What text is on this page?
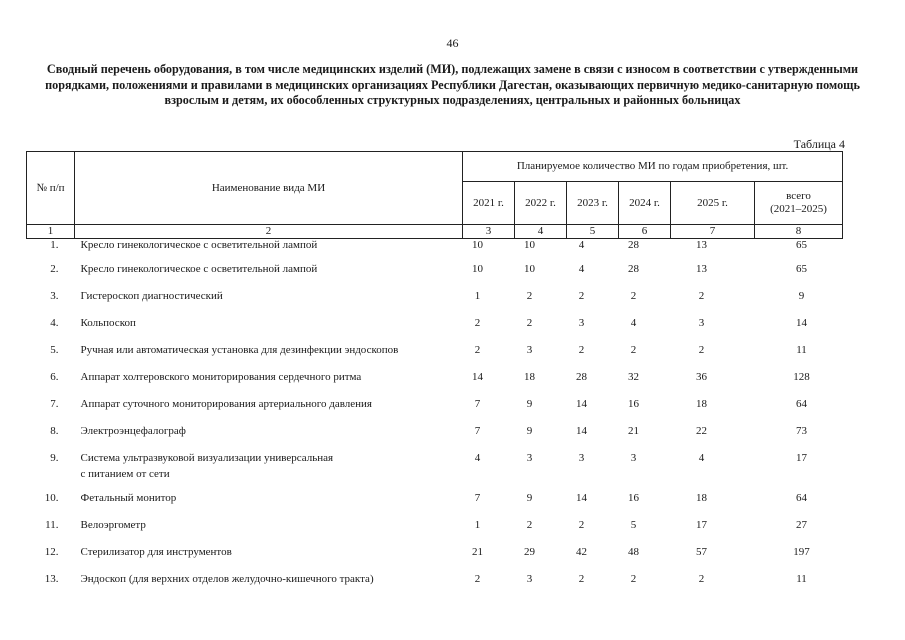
46
Сводный перечень оборудования, в том числе медицинских изделий (МИ), подлежащих замене в связи с износом в соответствии с утвержденными порядками, положениями и правилами в медицинских организациях Республики Дагестан, оказывающих первичную медико-санитарную помощь взрослым и детям, их обособленных структурных подразделениях, центральных и районных больницах
Таблица 4
№ п/п	Наименование вида МИ	Планируемое количество МИ по годам приобретения, шт.					
		2021 г.	2022 г.	2023 г.	2024 г.	2025 г.	всего
(2021–2025)
1	2	3	4	5	6	7	8
1.	Кресло гинекологическое с осветительной лампой	10	10	4	28	13	65
2.	Кресло гинекологическое с осветительной лампой	10	10	4	28	13	65
3.	Гистероскоп диагностический	1	2	2	2	2	9
4.	Кольпоскоп	2	2	3	4	3	14
5.	Ручная или автоматическая установка для дезинфекции эндоскопов	2	3	2	2	2	11
6.	Аппарат холтеровского мониторирования сердечного ритма	14	18	28	32	36	128
7.	Аппарат суточного мониторирования артериального давления	7	9	14	16	18	64
8.	Электроэнцефалограф	7	9	14	21	22	73
9.	Система ультразвуковой визуализации универсальная
с питанием от сети	4	3	3	3	4	17
10.	Фетальный монитор	7	9	14	16	18	64
11.	Велоэргометр	1	2	2	5	17	27
12.	Стерилизатор для инструментов	21	29	42	48	57	197
13.	Эндоскоп (для верхних отделов желудочно-кишечного тракта)	2	3	2	2	2	11
